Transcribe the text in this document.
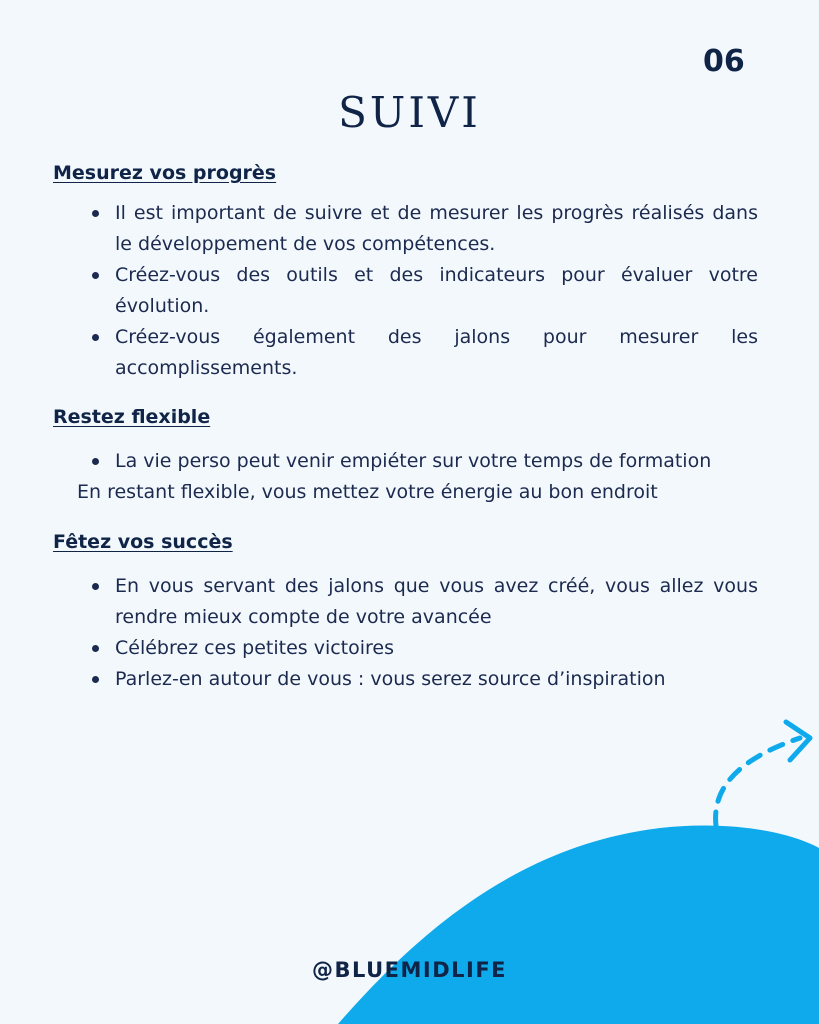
06
SUIVI
Mesurez vos progrès
Il est important de suivre et de mesurer les progrès réalisés dans le développement de vos compétences.
Créez-vous des outils et des indicateurs pour évaluer votre évolution.
Créez-vous également des jalons pour mesurer les accomplissements.
Restez flexible
La vie perso peut venir empiéter sur votre temps de formation
En restant flexible, vous mettez votre énergie au bon endroit
Fêtez vos succès
En vous servant des jalons que vous avez créé, vous allez vous rendre mieux compte de votre avancée
Célébrez ces petites victoires
Parlez-en autour de vous : vous serez source d’inspiration
@BLUEMIDLIFE
